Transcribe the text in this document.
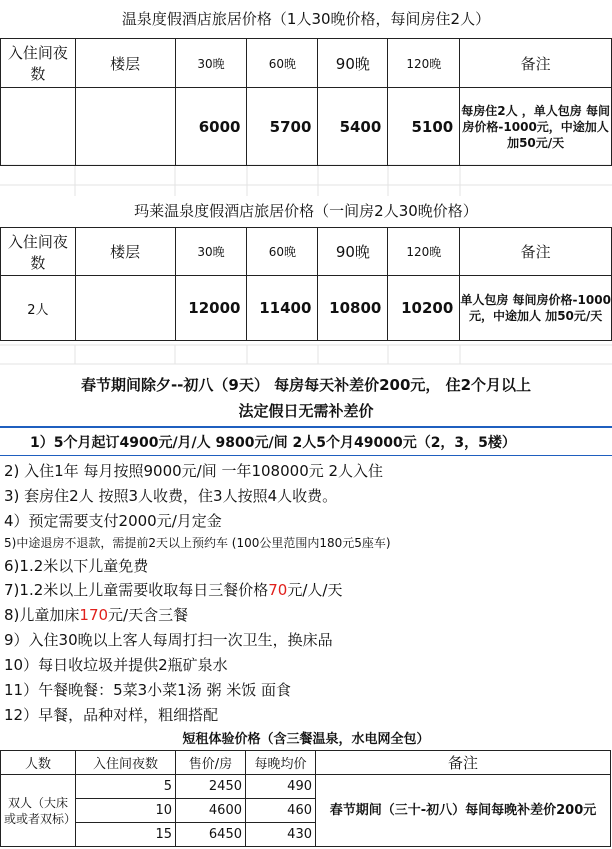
温泉度假酒店旅居价格（1人30晚价格，每间房住2人）
入住间夜数	楼层	30晚	60晚	90晚	120晚	备注
		6000	5700	5400	5100	每房住2人 ，单人包房 每间房价格-1000元，中途加人加50元/天
玛莱温泉度假酒店旅居价格（一间房2人30晚价格）
入住间夜数	楼层	30晚	60晚	90晚	120晚	备注
2人		12000	11400	10800	10200	单人包房 每间房价格-1000元，中途加人 加50元/天
春节期间除夕--初八（9天） 每房每天补差价200元， 住2个月以上
法定假日无需补差价
1）5个月起订4900元/月/人 9800元/间 2人5个月49000元（2，3，5楼）
2) 入住1年 每月按照9000元/间 一年108000元 2人入住
3) 套房住2人 按照3人收费，住3人按照4人收费。
4）预定需要支付2000元/月定金
5)中途退房不退款，需提前2天以上预约车 (100公里范围内180元5座车)
6)1.2米以下儿童免费
7)1.2米以上儿童需要收取每日三餐价格70元/人/天
8)儿童加床170元/天含三餐
9）入住30晚以上客人每周打扫一次卫生，换床品
10）每日收垃圾并提供2瓶矿泉水
11）午餐晚餐：5菜3小菜1汤 粥 米饭 面食
12）早餐，品种对样，粗细搭配
短租体验价格（含三餐温泉，水电网全包）
人数	入住间夜数	售价/房	每晚均价	备注
双人（大床或或者双标）	5	2450	490	春节期间（三十-初八）每间每晚补差价200元
	10	4600	460	
	15	6450	430	
